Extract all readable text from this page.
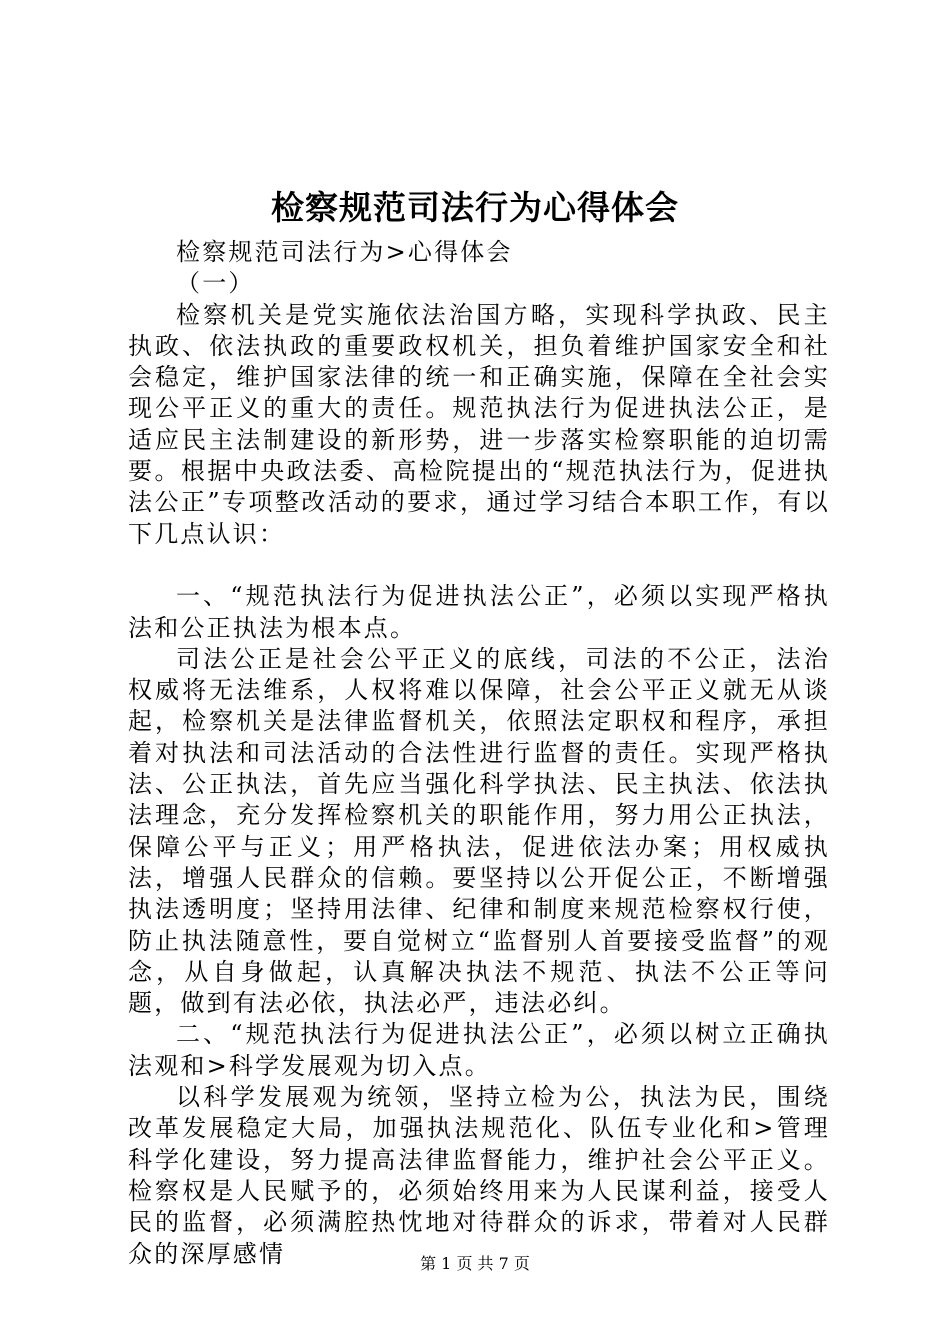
检察规范司法行为心得体会

检察规范司法行为>心得体会

（一）

检察机关是党实施依法治国方略，实现科学执政、民主执政、依法执政的重要政权机关，担负着维护国家安全和社会稳定，维护国家法律的统一和正确实施，保障在全社会实现公平正义的重大的责任。规范执法行为促进执法公正，是适应民主法制建设的新形势，进一步落实检察职能的迫切需要。根据中央政法委、高检院提出的“规范执法行为，促进执法公正”专项整改活动的要求，通过学习结合本职工作，有以下几点认识：

一、“规范执法行为促进执法公正”，必须以实现严格执法和公正执法为根本点。

司法公正是社会公平正义的底线，司法的不公正，法治权威将无法维系，人权将难以保障，社会公平正义就无从谈起，检察机关是法律监督机关，依照法定职权和程序，承担着对执法和司法活动的合法性进行监督的责任。实现严格执法、公正执法，首先应当强化科学执法、民主执法、依法执法理念，充分发挥检察机关的职能作用，努力用公正执法，保障公平与正义；用严格执法，促进依法办案；用权威执法，增强人民群众的信赖。要坚持以公开促公正，不断增强执法透明度；坚持用法律、纪律和制度来规范检察权行使，防止执法随意性，要自觉树立“监督别人首要接受监督”的观念，从自身做起，认真解决执法不规范、执法不公正等问题，做到有法必依，执法必严，违法必纠。

二、“规范执法行为促进执法公正”，必须以树立正确执法观和>科学发展观为切入点。

以科学发展观为统领，坚持立检为公，执法为民，围绕改革发展稳定大局，加强执法规范化、队伍专业化和>管理科学化建设，努力提高法律监督能力，维护社会公平正义。检察权是人民赋予的，必须始终用来为人民谋利益，接受人民的监督，必须满腔热忱地对待群众的诉求，带着对人民群众的深厚感情	第 1 页 共 7 页
